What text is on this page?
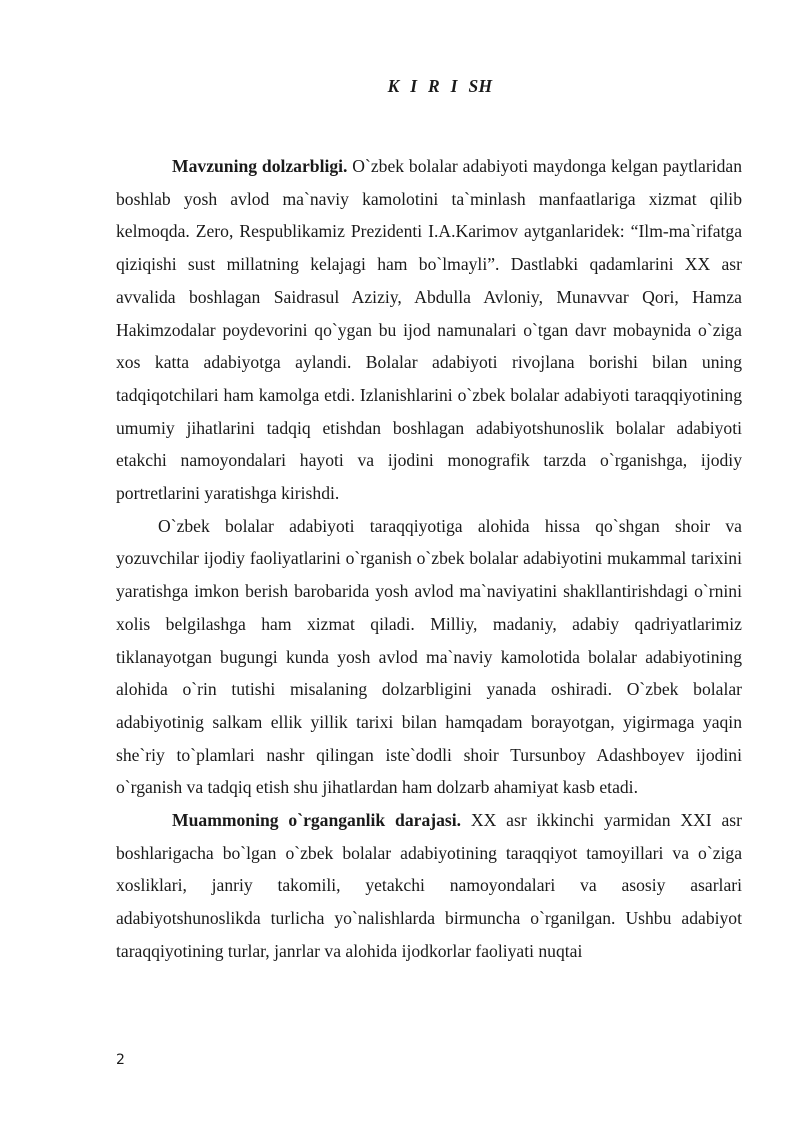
K I R I SH

Mavzuning dolzarbligi. O`zbek bolalar adabiyoti maydonga kelgan paytlaridan boshlab yosh avlod ma`naviy kamolotini ta`minlash manfaatlariga xizmat qilib kelmoqda. Zero, Respublikamiz Prezidenti I.A.Karimov aytganlaridek: “Ilm-ma`rifatga qiziqishi sust millatning kelajagi ham bo`lmayli”. Dastlabki qadamlarini XX asr avvalida boshlagan Saidrasul Aziziy, Abdulla Avloniy, Munavvar Qori, Hamza Hakimzodalar poydevorini qo`ygan bu ijod namunalari o`tgan davr mobaynida o`ziga xos katta adabiyotga aylandi. Bolalar adabiyoti rivojlana borishi bilan uning tadqiqotchilari ham kamolga etdi. Izlanishlarini o`zbek bolalar adabiyoti taraqqiyotining umumiy jihatlarini tadqiq etishdan boshlagan adabiyotshunoslik bolalar adabiyoti etakchi namoyondalari hayoti va ijodini monografik tarzda o`rganishga, ijodiy portretlarini yaratishga kirishdi.

O`zbek bolalar adabiyoti taraqqiyotiga alohida hissa qo`shgan shoir va yozuvchilar ijodiy faoliyatlarini o`rganish o`zbek bolalar adabiyotini mukammal tarixini yaratishga imkon berish barobarida yosh avlod ma`naviyatini shakllantirishdagi o`rnini xolis belgilashga ham xizmat qiladi. Milliy, madaniy, adabiy qadriyatlarimiz tiklanayotgan bugungi kunda yosh avlod ma`naviy kamolotida bolalar adabiyotining alohida o`rin tutishi misalaning dolzarbligini yanada oshiradi. O`zbek bolalar adabiyotinig salkam ellik yillik tarixi bilan hamqadam borayotgan, yigirmaga yaqin she`riy to`plamlari nashr qilingan iste`dodli shoir Tursunboy Adashboyev ijodini o`rganish va tadqiq etish shu jihatlardan ham dolzarb ahamiyat kasb etadi.

Muammoning o`rganganlik darajasi. XX asr ikkinchi yarmidan XXI asr boshlarigacha bo`lgan o`zbek bolalar adabiyotining taraqqiyot tamoyillari va o`ziga xosliklari, janriy takomili, yetakchi namoyondalari va asosiy asarlari adabiyotshunoslikda turlicha yo`nalishlarda birmuncha o`rganilgan. Ushbu adabiyot taraqqiyotining turlar, janrlar va alohida ijodkorlar faoliyati nuqtai

2
